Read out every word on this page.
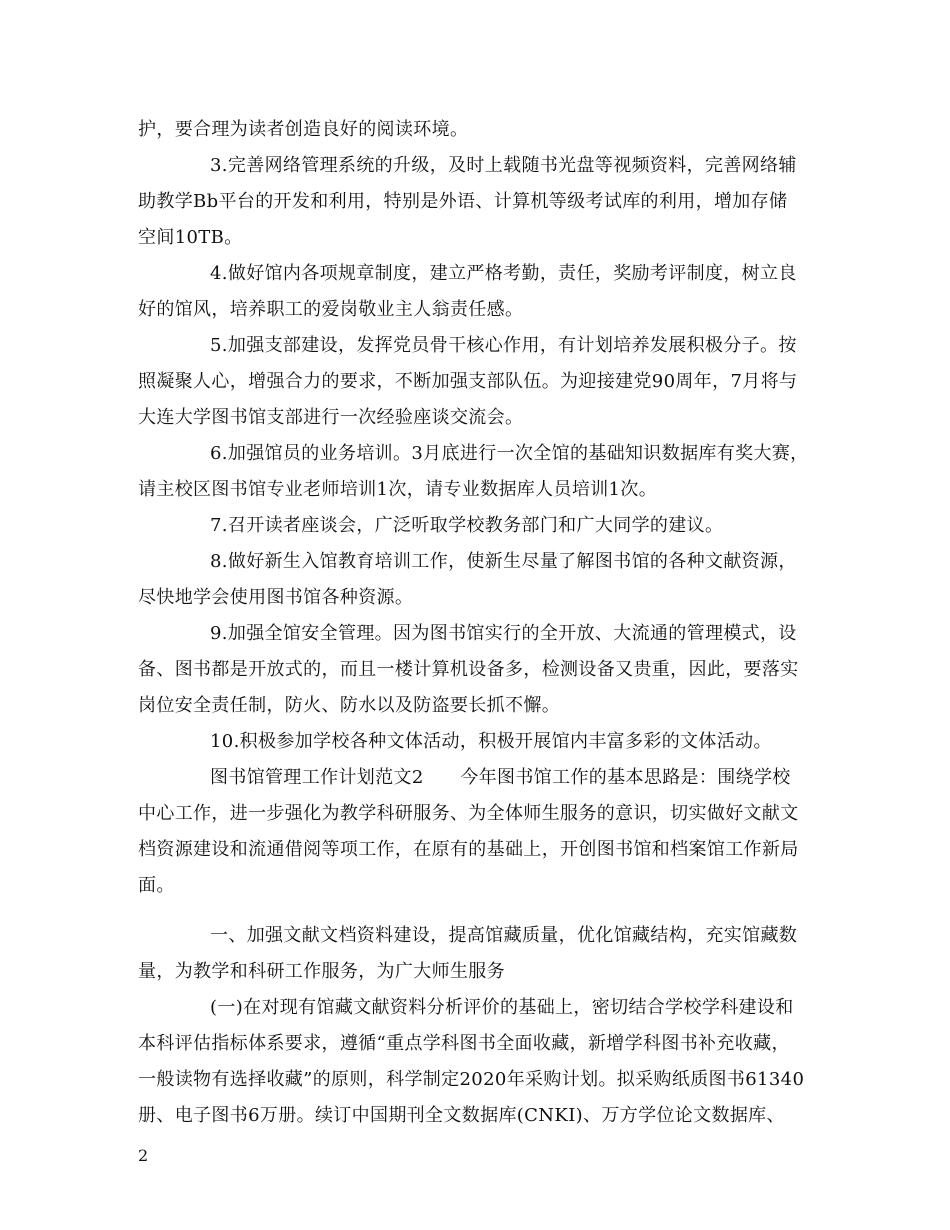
护，要合理为读者创造良好的阅读环境。

3.完善网络管理系统的升级，及时上载随书光盘等视频资料，完善网络辅

助教学Bb平台的开发和利用，特别是外语、计算机等级考试库的利用，增加存储

空间10TB。

4.做好馆内各项规章制度，建立严格考勤，责任，奖励考评制度，树立良

好的馆风，培养职工的爱岗敬业主人翁责任感。

5.加强支部建设，发挥党员骨干核心作用，有计划培养发展积极分子。按

照凝聚人心，增强合力的要求，不断加强支部队伍。为迎接建党90周年，7月将与

大连大学图书馆支部进行一次经验座谈交流会。

6.加强馆员的业务培训。3月底进行一次全馆的基础知识数据库有奖大赛，

请主校区图书馆专业老师培训1次，请专业数据库人员培训1次。

7.召开读者座谈会，广泛听取学校教务部门和广大同学的建议。

8.做好新生入馆教育培训工作，使新生尽量了解图书馆的各种文献资源，

尽快地学会使用图书馆各种资源。

9.加强全馆安全管理。因为图书馆实行的全开放、大流通的管理模式，设

备、图书都是开放式的，而且一楼计算机设备多，检测设备又贵重，因此，要落实

岗位安全责任制，防火、防水以及防盗要长抓不懈。

10.积极参加学校各种文体活动，积极开展馆内丰富多彩的文体活动。

图书馆管理工作计划范文2　　今年图书馆工作的基本思路是：围绕学校

中心工作，进一步强化为教学科研服务、为全体师生服务的意识，切实做好文献文

档资源建设和流通借阅等项工作，在原有的基础上，开创图书馆和档案馆工作新局

面。

一、加强文献文档资料建设，提高馆藏质量，优化馆藏结构，充实馆藏数

量，为教学和科研工作服务，为广大师生服务

(一)在对现有馆藏文献资料分析评价的基础上，密切结合学校学科建设和

本科评估指标体系要求，遵循“重点学科图书全面收藏，新增学科图书补充收藏，

一般读物有选择收藏”的原则，科学制定2020年采购计划。拟采购纸质图书61340

册、电子图书6万册。续订中国期刊全文数据库(CNKI)、万方学位论文数据库、

2
